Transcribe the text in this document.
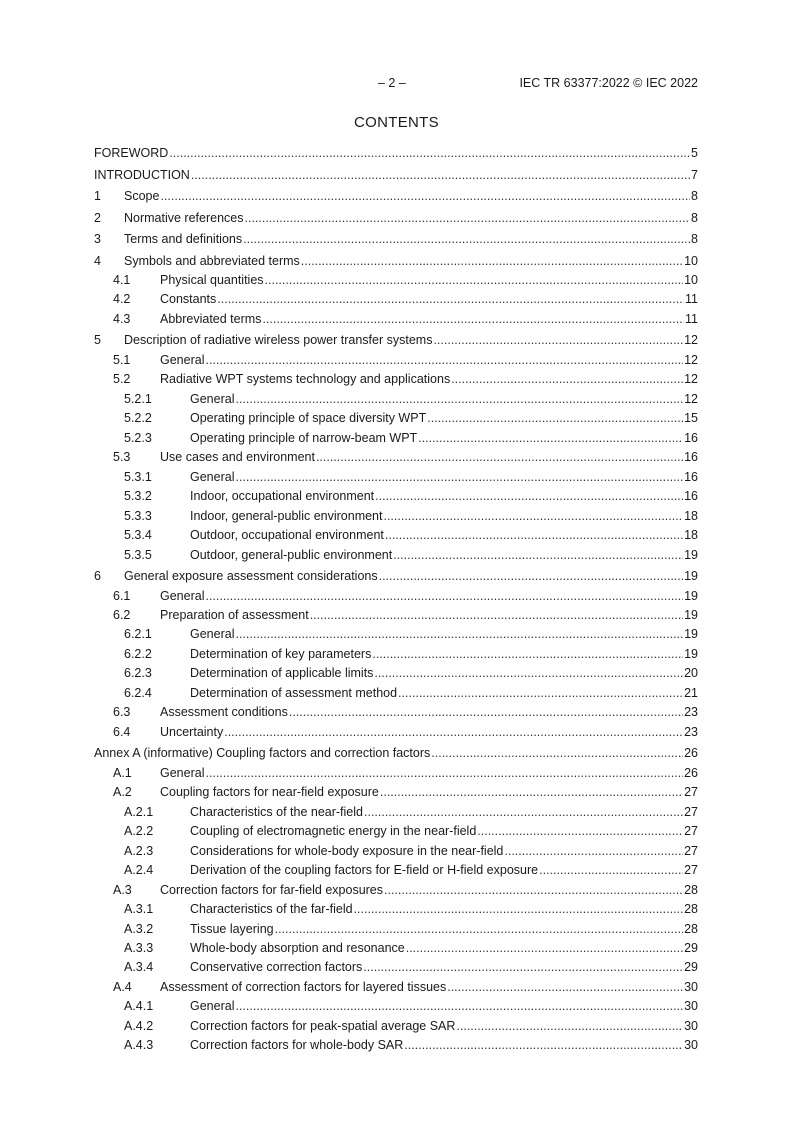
– 2 –	IEC TR 63377:2022 © IEC 2022
CONTENTS
FOREWORD .....	5
INTRODUCTION .....	7
1	Scope .....	8
2	Normative references .....	8
3	Terms and definitions .....	8
4	Symbols and abbreviated terms .....	10
4.1	Physical quantities .....	10
4.2	Constants .....	11
4.3	Abbreviated terms .....	11
5	Description of radiative wireless power transfer systems .....	12
5.1	General .....	12
5.2	Radiative WPT systems technology and applications .....	12
5.2.1	General .....	12
5.2.2	Operating principle of space diversity WPT .....	15
5.2.3	Operating principle of narrow-beam WPT .....	16
5.3	Use cases and environment .....	16
5.3.1	General .....	16
5.3.2	Indoor, occupational environment .....	16
5.3.3	Indoor, general-public environment .....	18
5.3.4	Outdoor, occupational environment .....	18
5.3.5	Outdoor, general-public environment .....	19
6	General exposure assessment considerations .....	19
6.1	General .....	19
6.2	Preparation of assessment .....	19
6.2.1	General .....	19
6.2.2	Determination of key parameters .....	19
6.2.3	Determination of applicable limits .....	20
6.2.4	Determination of assessment method .....	21
6.3	Assessment conditions .....	23
6.4	Uncertainty .....	23
Annex A (informative) Coupling factors and correction factors .....	26
A.1	General .....	26
A.2	Coupling factors for near-field exposure .....	27
A.2.1	Characteristics of the near-field .....	27
A.2.2	Coupling of electromagnetic energy in the near-field .....	27
A.2.3	Considerations for whole-body exposure in the near-field .....	27
A.2.4	Derivation of the coupling factors for E-field or H-field exposure .....	27
A.3	Correction factors for far-field exposures .....	28
A.3.1	Characteristics of the far-field .....	28
A.3.2	Tissue layering .....	28
A.3.3	Whole-body absorption and resonance .....	29
A.3.4	Conservative correction factors .....	29
A.4	Assessment of correction factors for layered tissues .....	30
A.4.1	General .....	30
A.4.2	Correction factors for peak-spatial average SAR .....	30
A.4.3	Correction factors for whole-body SAR .....	30
